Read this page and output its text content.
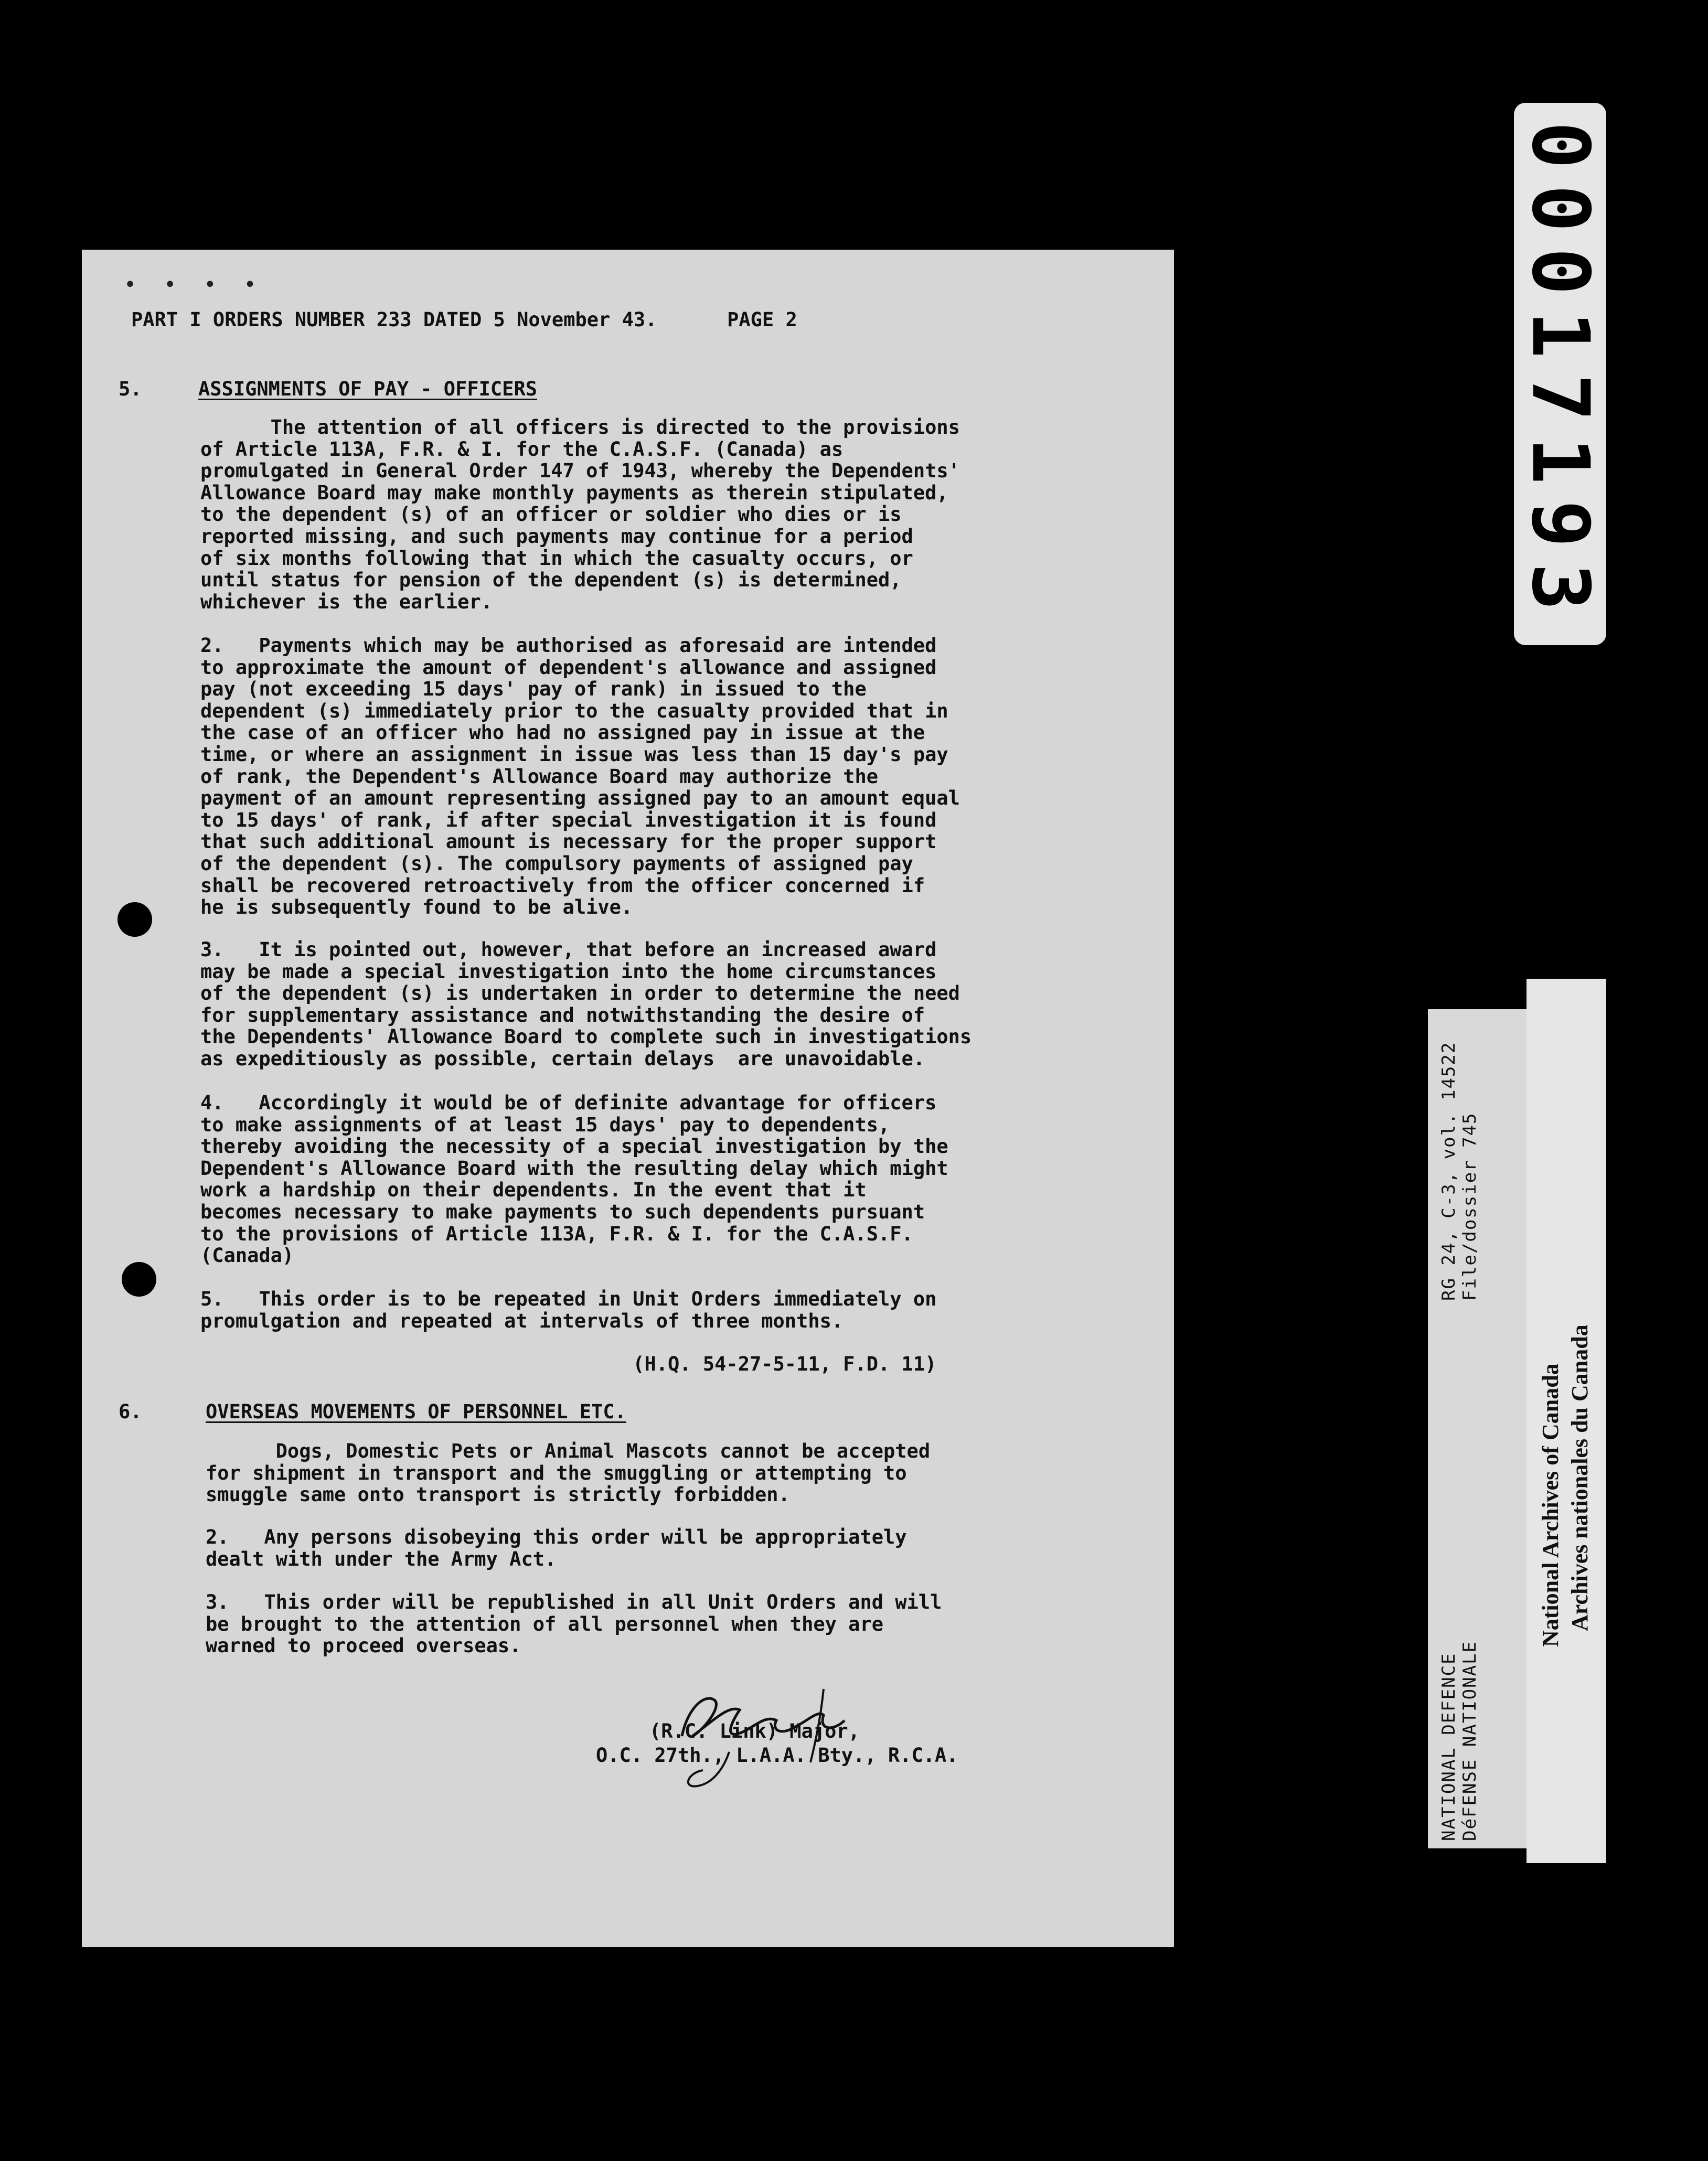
• • • •
PART I ORDERS NUMBER 233 DATED 5 November 43.      PAGE 2
5.	ASSIGNMENTS OF PAY - OFFICERS
The attention of all officers is directed to the provisions
of Article 113A, F.R. & I. for the C.A.S.F. (Canada) as
promulgated in General Order 147 of 1943, whereby the Dependents'
Allowance Board may make monthly payments as therein stipulated,
to the dependent (s) of an officer or soldier who dies or is
reported missing, and such payments may continue for a period
of six months following that in which the casualty occurs, or
until status for pension of the dependent (s) is determined,
whichever is the earlier.
2.   Payments which may be authorised as aforesaid are intended
to approximate the amount of dependent's allowance and assigned
pay (not exceeding 15 days' pay of rank) in issued to the
dependent (s) immediately prior to the casualty provided that in
the case of an officer who had no assigned pay in issue at the
time, or where an assignment in issue was less than 15 day's pay
of rank, the Dependent's Allowance Board may authorize the
payment of an amount representing assigned pay to an amount equal
to 15 days' of rank, if after special investigation it is found
that such additional amount is necessary for the proper support
of the dependent (s). The compulsory payments of assigned pay
shall be recovered retroactively from the officer concerned if
he is subsequently found to be alive.
3.   It is pointed out, however, that before an increased award
may be made a special investigation into the home circumstances
of the dependent (s) is undertaken in order to determine the need
for supplementary assistance and notwithstanding the desire of
the Dependents' Allowance Board to complete such in investigations
as expeditiously as possible, certain delays  are unavoidable.
4.   Accordingly it would be of definite advantage for officers
to make assignments of at least 15 days' pay to dependents,
thereby avoiding the necessity of a special investigation by the
Dependent's Allowance Board with the resulting delay which might
work a hardship on their dependents. In the event that it
becomes necessary to make payments to such dependents pursuant
to the provisions of Article 113A, F.R. & I. for the C.A.S.F.
(Canada)
5.   This order is to be repeated in Unit Orders immediately on
promulgation and repeated at intervals of three months.
(H.Q. 54-27-5-11, F.D. 11)
6.	OVERSEAS MOVEMENTS OF PERSONNEL ETC.
Dogs, Domestic Pets or Animal Mascots cannot be accepted
for shipment in transport and the smuggling or attempting to
smuggle same onto transport is strictly forbidden.
2.   Any persons disobeying this order will be appropriately
dealt with under the Army Act.
3.   This order will be republished in all Unit Orders and will
be brought to the attention of all personnel when they are
warned to proceed overseas.
(R.C. Link) Major,
O.C. 27th., L.A.A. Bty., R.C.A.
00017193
RG 24, C-3, vol. 14522 File/dossier 745
NATIONAL DEFENCE DéFENSE NATIONALE
National Archives of Canada Archives nationales du Canada
